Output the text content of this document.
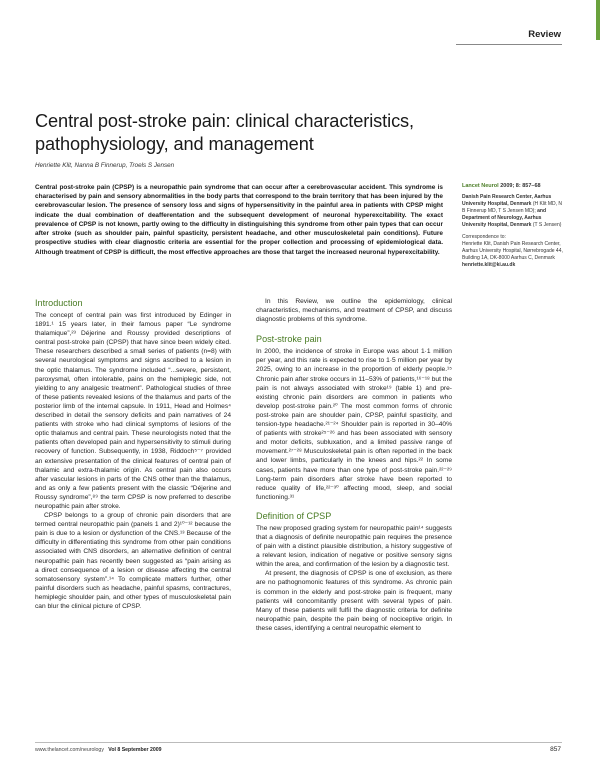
Review
Central post-stroke pain: clinical characteristics, pathophysiology, and management
Henriette Klit, Nanna B Finnerup, Troels S Jensen

Central post-stroke pain (CPSP) is a neuropathic pain syndrome that can occur after a cerebrovascular accident. This syndrome is characterised by pain and sensory abnormalities in the body parts that correspond to the brain territory that has been injured by the cerebrovascular lesion. The presence of sensory loss and signs of hypersensitivity in the painful area in patients with CPSP might indicate the dual combination of deafferentation and the subsequent development of neuronal hyperexcitability. The exact prevalence of CPSP is not known, partly owing to the difficulty in distinguishing this syndrome from other pain types that can occur after stroke (such as shoulder pain, painful spasticity, persistent headache, and other musculoskeletal pain conditions). Future prospective studies with clear diagnostic criteria are essential for the proper collection and processing of epidemiological data. Although treatment of CPSP is difficult, the most effective approaches are those that target the increased neuronal hyperexcitability.

Lancet Neurol 2009; 8: 857–68

Danish Pain Research Center, Aarhus University Hospital, Denmark (H Klit MD, N B Finnerup MD, T S Jensen MD); and Department of Neurology, Aarhus University Hospital, Denmark (T S Jensen)

Correspondence to:
Henriette Klit, Danish Pain Research Center, Aarhus University Hospital, Nørrebrogade 44, Building 1A, DK-8000 Aarhus C, Denmark
henriette.klit@ki.au.dk

Introduction

The concept of central pain was first introduced by Edinger in 1891.¹ 15 years later, in their famous paper “Le syndrome thalamique”,²³ Déjerine and Roussy provided descriptions of central post-stroke pain (CPSP) that have since been widely cited. These researchers described a small series of patients (n=8) with several neurological symptoms and signs ascribed to a lesion in the optic thalamus. The syndrome included “...severe, persistent, paroxysmal, often intolerable, pains on the hemiplegic side, not yielding to any analgesic treatment”. Pathological studies of three of these patients revealed lesions of the thalamus and parts of the posterior limb of the internal capsule. In 1911, Head and Holmes⁴ described in detail the sensory deficits and pain narratives of 24 patients with stroke who had clinical symptoms of lesions of the optic thalamus and central pain. These neurologists noted that the patients often developed pain and hypersensitivity to stimuli during recovery of function. Subsequently, in 1938, Riddoch⁵⁻⁷ provided an extensive presentation of the clinical features of central pain of thalamic and extra-thalamic origin. As central pain also occurs after vascular lesions in parts of the CNS other than the thalamus, and as only a few patients present with the classic “Déjerine and Roussy syndrome”,⁸⁹ the term CPSP is now preferred to describe neuropathic pain after stroke.

CPSP belongs to a group of chronic pain disorders that are termed central neuropathic pain (panels 1 and 2)¹⁰⁻¹² because the pain is due to a lesion or dysfunction of the CNS.¹³ Because of the difficulty in differentiating this syndrome from other pain conditions associated with CNS disorders, an alternative definition of central neuropathic pain has recently been suggested as “pain arising as a direct consequence of a lesion or disease affecting the central somatosensory system”.¹⁴ To complicate matters further, other painful disorders such as headache, painful spasms, contractures, hemiplegic shoulder pain, and other types of musculoskeletal pain can blur the clinical picture of CPSP.

In this Review, we outline the epidemiology, clinical characteristics, mechanisms, and treatment of CPSP, and discuss diagnostic problems of this syndrome.

Post-stroke pain

In 2000, the incidence of stroke in Europe was about 1·1 million per year, and this rate is expected to rise to 1·5 million per year by 2025, owing to an increase in the proportion of elderly people.¹⁵ Chronic pain after stroke occurs in 11–53% of patients,¹⁶⁻¹⁸ but the pain is not always associated with stroke¹⁹ (table 1) and pre-existing chronic pain disorders are common in patients who develop post-stroke pain.²⁰ The most common forms of chronic post-stroke pain are shoulder pain, CPSP, painful spasticity, and tension-type headache.²¹⁻²⁴ Shoulder pain is reported in 30–40% of patients with stroke²⁵⁻²⁶ and has been associated with sensory and motor deficits, subluxation, and a limited passive range of movement.²⁷⁻²⁸ Musculoskeletal pain is often reported in the back and lower limbs, particularly in the knees and hips.²² In some cases, patients have more than one type of post-stroke pain.²²⁻²⁹ Long-term pain disorders after stroke have been reported to reduce quality of life,²²⁻³⁰ affecting mood, sleep, and social functioning.³¹

Definition of CPSP

The new proposed grading system for neuropathic pain¹⁴ suggests that a diagnosis of definite neuropathic pain requires the presence of pain with a distinct plausible distribution, a history suggestive of a relevant lesion, indication of negative or positive sensory signs within the area, and confirmation of the lesion by a diagnostic test.

At present, the diagnosis of CPSP is one of exclusion, as there are no pathognomonic features of this syndrome. As chronic pain is common in the elderly and post-stroke pain is frequent, many patients will concomitantly present with several types of pain. Many of these patients will fulfil the diagnostic criteria for definite neuropathic pain, despite the pain being of nociceptive origin. In these cases, identifying a central neuropathic element to

www.thelancet.com/neurology Vol 8 September 2009	857
